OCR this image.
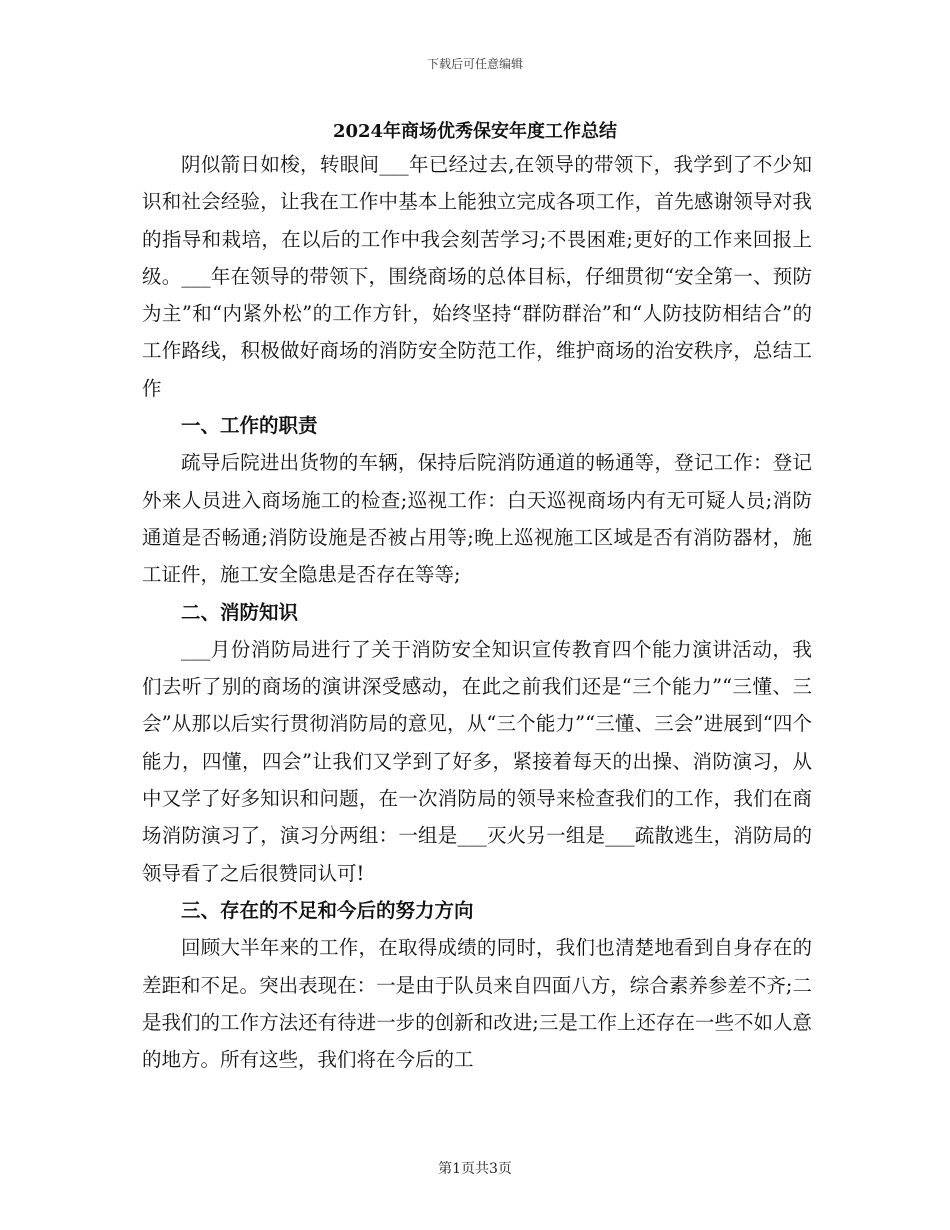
下载后可任意编辑
2024年商场优秀保安年度工作总结

阴似箭日如梭，转眼间___年已经过去,在领导的带领下，我学到了不少知识和社会经验，让我在工作中基本上能独立完成各项工作，首先感谢领导对我的指导和栽培，在以后的工作中我会刻苦学习;不畏困难;更好的工作来回报上级。___年在领导的带领下，围绕商场的总体目标，仔细贯彻“安全第一、预防为主”和“内紧外松”的工作方针，始终坚持“群防群治”和“人防技防相结合”的工作路线，积极做好商场的消防安全防范工作，维护商场的治安秩序，总结工作

一、工作的职责

疏导后院进出货物的车辆，保持后院消防通道的畅通等，登记工作：登记外来人员进入商场施工的检查;巡视工作：白天巡视商场内有无可疑人员;消防通道是否畅通;消防设施是否被占用等;晚上巡视施工区域是否有消防器材，施工证件，施工安全隐患是否存在等等;

二、消防知识

___月份消防局进行了关于消防安全知识宣传教育四个能力演讲活动，我们去听了别的商场的演讲深受感动，在此之前我们还是“三个能力”“三懂、三会”从那以后实行贯彻消防局的意见，从“三个能力”“三懂、三会”进展到“四个能力，四懂，四会”让我们又学到了好多，紧接着每天的出操、消防演习，从中又学了好多知识和问题，在一次消防局的领导来检查我们的工作，我们在商场消防演习了，演习分两组：一组是___灭火另一组是___疏散逃生，消防局的领导看了之后很赞同认可!

三、存在的不足和今后的努力方向

回顾大半年来的工作，在取得成绩的同时，我们也清楚地看到自身存在的差距和不足。突出表现在：一是由于队员来自四面八方，综合素养参差不齐;二是我们的工作方法还有待进一步的创新和改进;三是工作上还存在一些不如人意的地方。所有这些，我们将在今后的工

第1页共3页
